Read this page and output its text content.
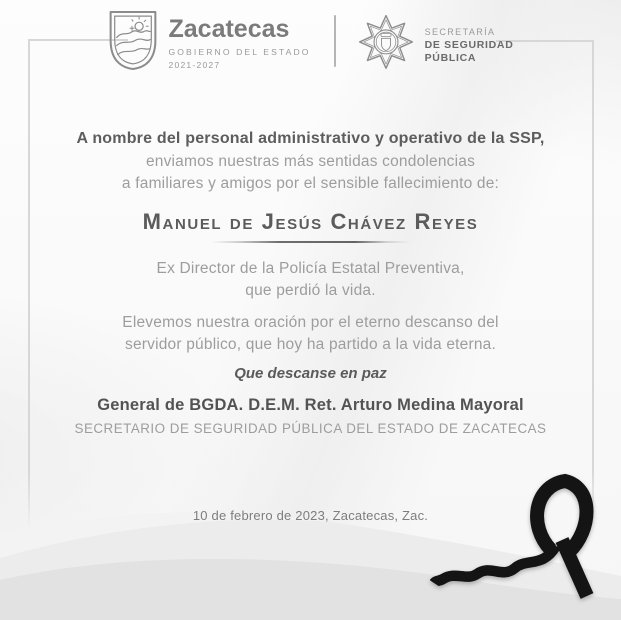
Zacatecas
GOBIERNO DEL ESTADO
2021-2027
SECRETARÍA
DE SEGURIDAD
PÚBLICA
A nombre del personal administrativo y operativo de la SSP,
enviamos nuestras más sentidas condolencias
a familiares y amigos por el sensible fallecimiento de:
Manuel de Jesús Chávez Reyes
Ex Director de la Policía Estatal Preventiva,
que perdió la vida.
Elevemos nuestra oración por el eterno descanso del
servidor público, que hoy ha partido a la vida eterna.
Que descanse en paz
General de BGDA. D.E.M. Ret. Arturo Medina Mayoral
SECRETARIO DE SEGURIDAD PÚBLICA DEL ESTADO DE ZACATECAS
10 de febrero de 2023, Zacatecas, Zac.
